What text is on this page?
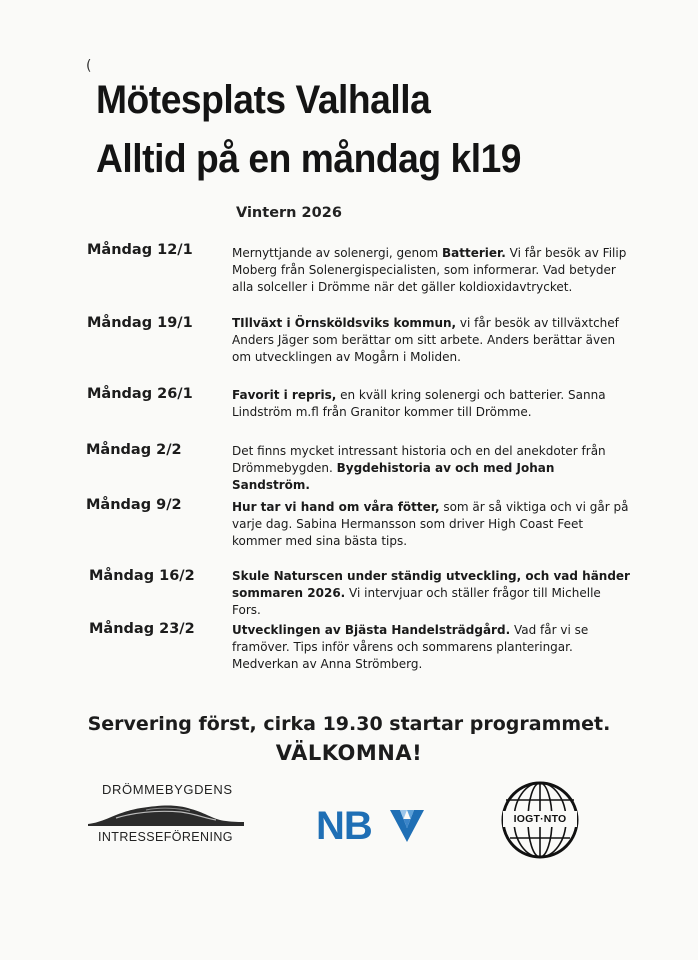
(
Mötesplats Valhalla
Alltid på en måndag kl19
Vintern 2026
Måndag 12/1	Mernyttjande av solenergi, genom Batterier. Vi får besök av Filip Moberg från Solenergispecialisten, som informerar. Vad betyder alla solceller i Drömme när det gäller koldioxidavtrycket.
Måndag 19/1	TIllväxt i Örnsköldsviks kommun, vi får besök av tillväxtchef Anders Jäger som berättar om sitt arbete. Anders berättar även om utvecklingen av Mogårn i Moliden.
Måndag 26/1	Favorit i repris, en kväll kring solenergi och batterier. Sanna Lindström m.fl från Granitor kommer till Drömme.
Måndag 2/2	Det finns mycket intressant historia och en del anekdoter från Drömmebygden. Bygdehistoria av och med Johan Sandström.
Måndag 9/2	Hur tar vi hand om våra fötter, som är så viktiga och vi går på varje dag. Sabina Hermansson som driver High Coast Feet kommer med sina bästa tips.
Måndag 16/2	Skule Naturscen under ständig utveckling, och vad händer sommaren 2026. Vi intervjuar och ställer frågor till Michelle Fors.
Måndag 23/2	Utvecklingen av Bjästa Handelsträdgård. Vad får vi se framöver. Tips inför vårens och sommarens planteringar. Medverkan av Anna Strömberg.
Servering först, cirka 19.30 startar programmet.
VÄLKOMNA!
DRÖMMEBYGDENS
INTRESSEFÖRENING NB	IOGT·NTO
